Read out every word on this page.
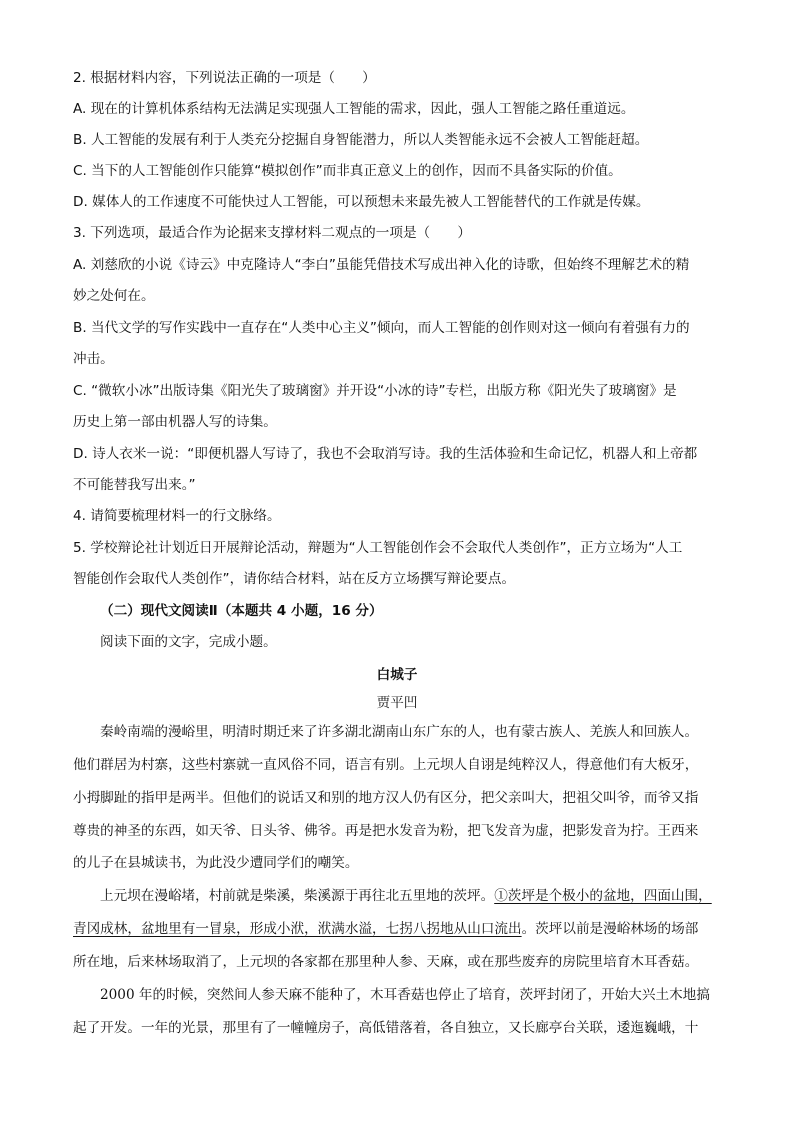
2. 根据材料内容，下列说法正确的一项是（　　）
A. 现在的计算机体系结构无法满足实现强人工智能的需求，因此，强人工智能之路任重道远。
B. 人工智能的发展有利于人类充分挖掘自身智能潜力，所以人类智能永远不会被人工智能赶超。
C. 当下的人工智能创作只能算“模拟创作”而非真正意义上的创作，因而不具备实际的价值。
D. 媒体人的工作速度不可能快过人工智能，可以预想未来最先被人工智能替代的工作就是传媒。
3. 下列选项，最适合作为论据来支撑材料二观点的一项是（　　）
A. 刘慈欣的小说《诗云》中克隆诗人“李白”虽能凭借技术写成出神入化的诗歌，但始终不理解艺术的精
妙之处何在。
B. 当代文学的写作实践中一直存在“人类中心主义”倾向，而人工智能的创作则对这一倾向有着强有力的
冲击。
C. “微软小冰”出版诗集《阳光失了玻璃窗》并开设“小冰的诗”专栏，出版方称《阳光失了玻璃窗》是
历史上第一部由机器人写的诗集。
D. 诗人衣米一说：“即便机器人写诗了，我也不会取消写诗。我的生活体验和生命记忆，机器人和上帝都
不可能替我写出来。”
4. 请简要梳理材料一的行文脉络。
5. 学校辩论社计划近日开展辩论活动，辩题为“人工智能创作会不会取代人类创作”，正方立场为“人工
智能创作会取代人类创作”，请你结合材料，站在反方立场撰写辩论要点。
（二）现代文阅读Ⅱ（本题共 4 小题，16 分）
阅读下面的文字，完成小题。
白城子
贾平凹
秦岭南端的漫峪里，明清时期迁来了许多湖北湖南山东广东的人，也有蒙古族人、羌族人和回族人。
他们群居为村寨，这些村寨就一直风俗不同，语言有别。上元坝人自诩是纯粹汉人，得意他们有大板牙，
小拇脚趾的指甲是两半。但他们的说话又和别的地方汉人仍有区分，把父亲叫大，把祖父叫爷，而爷又指
尊贵的神圣的东西，如天爷、日头爷、佛爷。再是把水发音为粉，把飞发音为虚，把影发音为拧。王西来
的儿子在县城读书，为此没少遭同学们的嘲笑。
上元坝在漫峪堵，村前就是柴溪，柴溪源于再往北五里地的茨坪。①茨坪是个极小的盆地，四面山围，
青冈成林，盆地里有一冒泉，形成小洑，洑满水溢，七拐八拐地从山口流出。茨坪以前是漫峪林场的场部
所在地，后来林场取消了，上元坝的各家都在那里种人参、天麻，或在那些废弃的房院里培育木耳香菇。
2000 年的时候，突然间人参天麻不能种了，木耳香菇也停止了培育，茨坪封闭了，开始大兴土木地搞
起了开发。一年的光景，那里有了一幢幢房子，高低错落着，各自独立，又长廊亭台关联，逶迤巍峨，十
